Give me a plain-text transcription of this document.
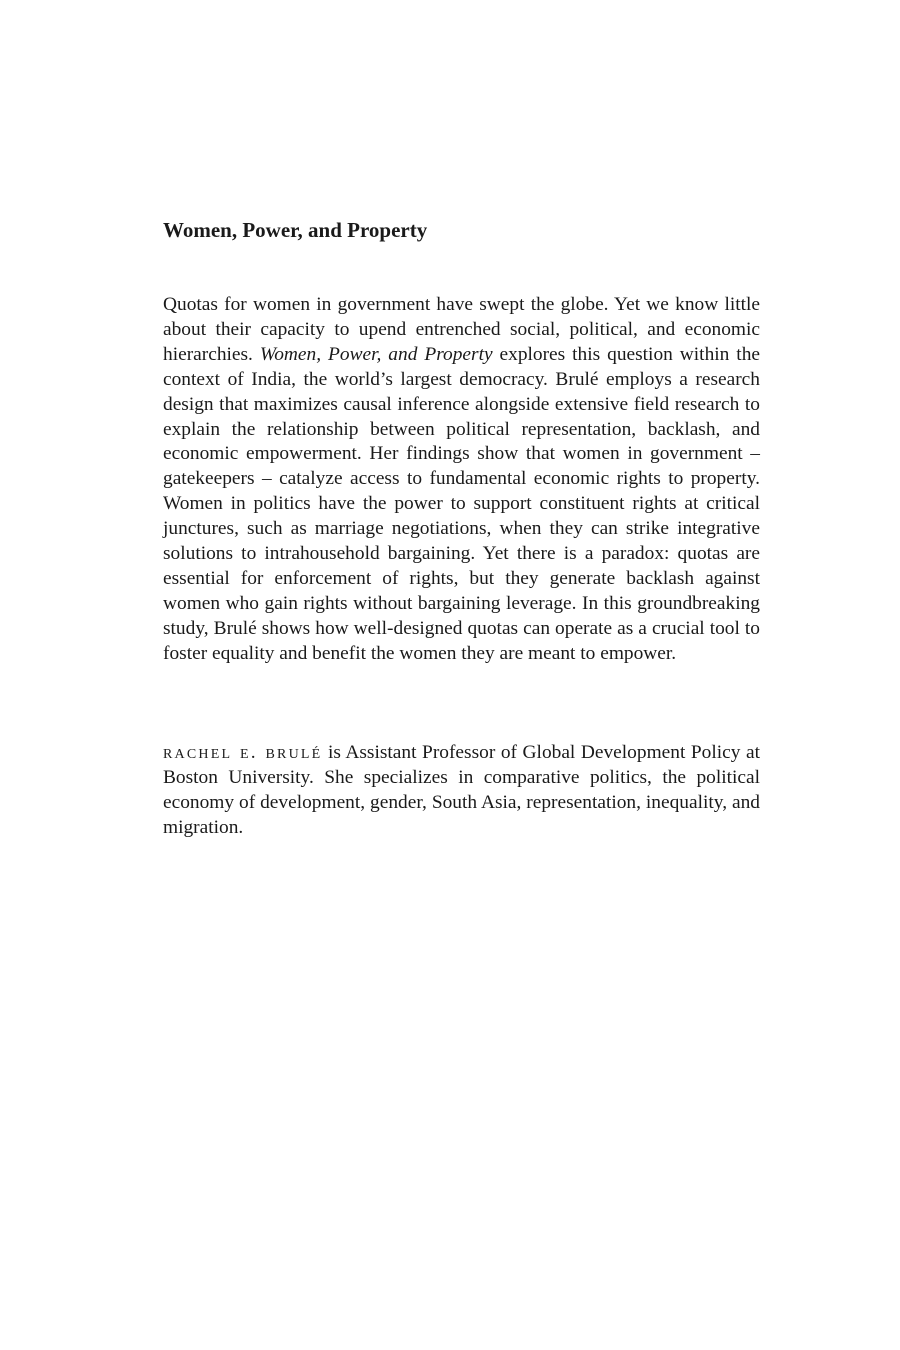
Women, Power, and Property

Quotas for women in government have swept the globe. Yet we know little about their capacity to upend entrenched social, political, and economic hierarchies. Women, Power, and Property explores this question within the context of India, the world’s largest democracy. Brulé employs a research design that maximizes causal inference alongside extensive field research to explain the relationship between political representation, backlash, and economic empowerment. Her findings show that women in government – gatekeepers – catalyze access to fundamental economic rights to property. Women in politics have the power to support constituent rights at critical junctures, such as marriage negotiations, when they can strike integrative solutions to intrahousehold bargaining. Yet there is a paradox: quotas are essential for enforcement of rights, but they generate backlash against women who gain rights without bargaining leverage. In this groundbreaking study, Brulé shows how well-designed quotas can operate as a crucial tool to foster equality and benefit the women they are meant to empower.

rachel e. brulé is Assistant Professor of Global Development Policy at Boston University. She specializes in comparative politics, the political economy of development, gender, South Asia, representation, inequality, and migration.
